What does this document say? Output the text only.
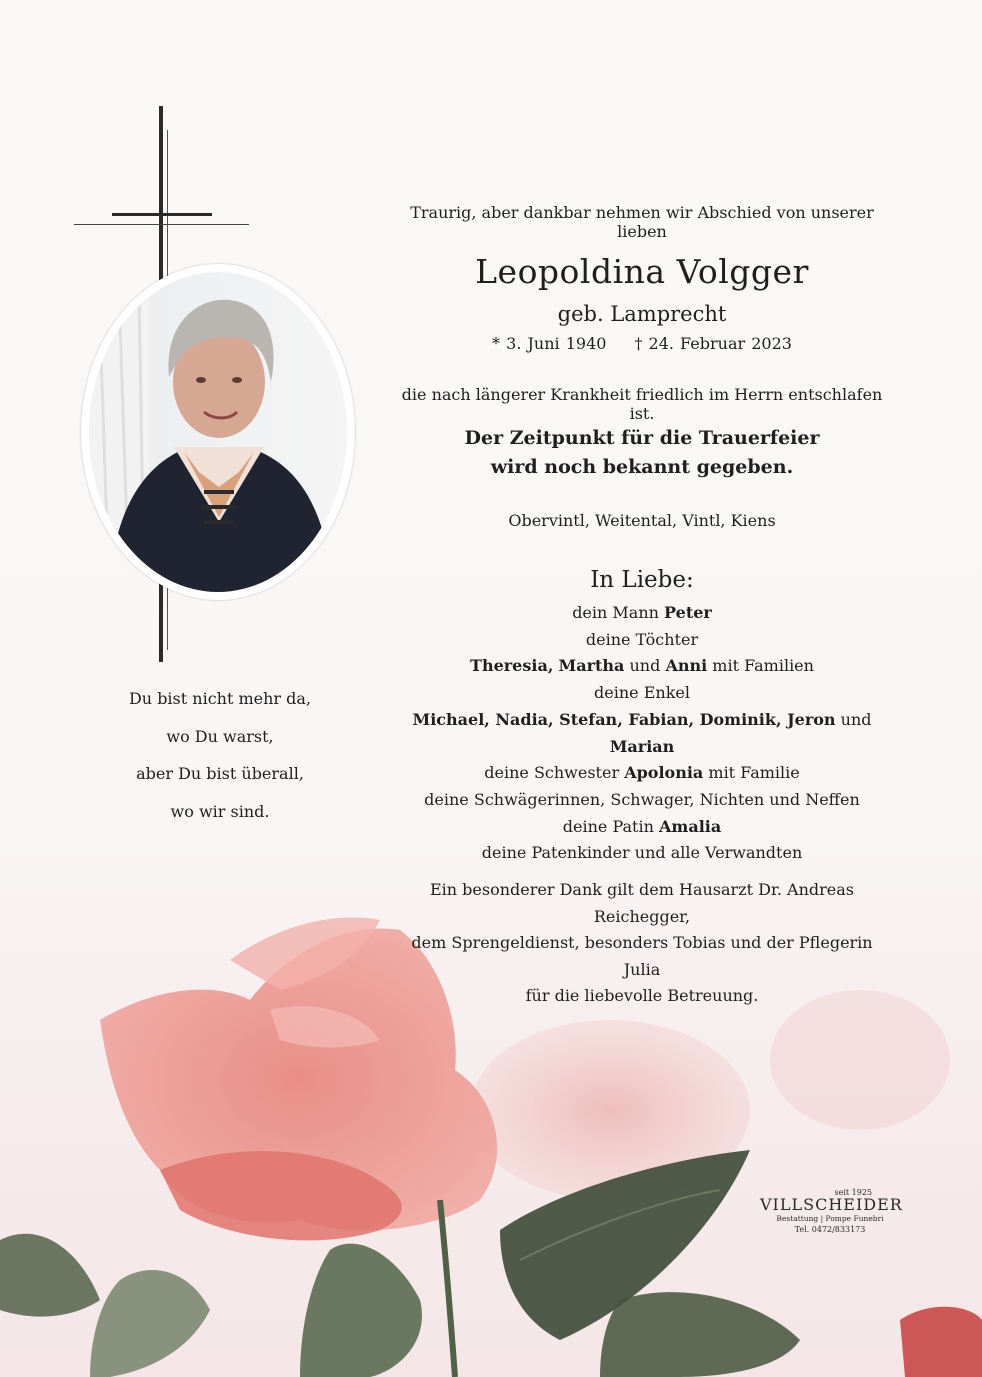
Du bist nicht mehr da,
wo Du warst,
aber Du bist überall,
wo wir sind.
Traurig, aber dankbar nehmen wir Abschied von unserer lieben
Leopoldina Volgger
geb. Lamprecht
* 3. Juni 1940 † 24. Februar 2023
die nach längerer Krankheit friedlich im Herrn entschlafen ist.
Der Zeitpunkt für die Trauerfeier
wird noch bekannt gegeben.
Obervintl, Weitental, Vintl, Kiens
In Liebe:
dein Mann Peter
deine Töchter
Theresia, Martha und Anni mit Familien
deine Enkel
Michael, Nadia, Stefan, Fabian, Dominik, Jeron und Marian
deine Schwester Apolonia mit Familie
deine Schwägerinnen, Schwager, Nichten und Neffen
deine Patin Amalia
deine Patenkinder und alle Verwandten
Ein besonderer Dank gilt dem Hausarzt Dr. Andreas Reichegger,
dem Sprengeldienst, besonders Tobias und der Pflegerin Julia
für die liebevolle Betreuung.
seit 1925
VILLSCHEIDER
Bestattung | Pompe Funebri
Tel. 0472/833173
